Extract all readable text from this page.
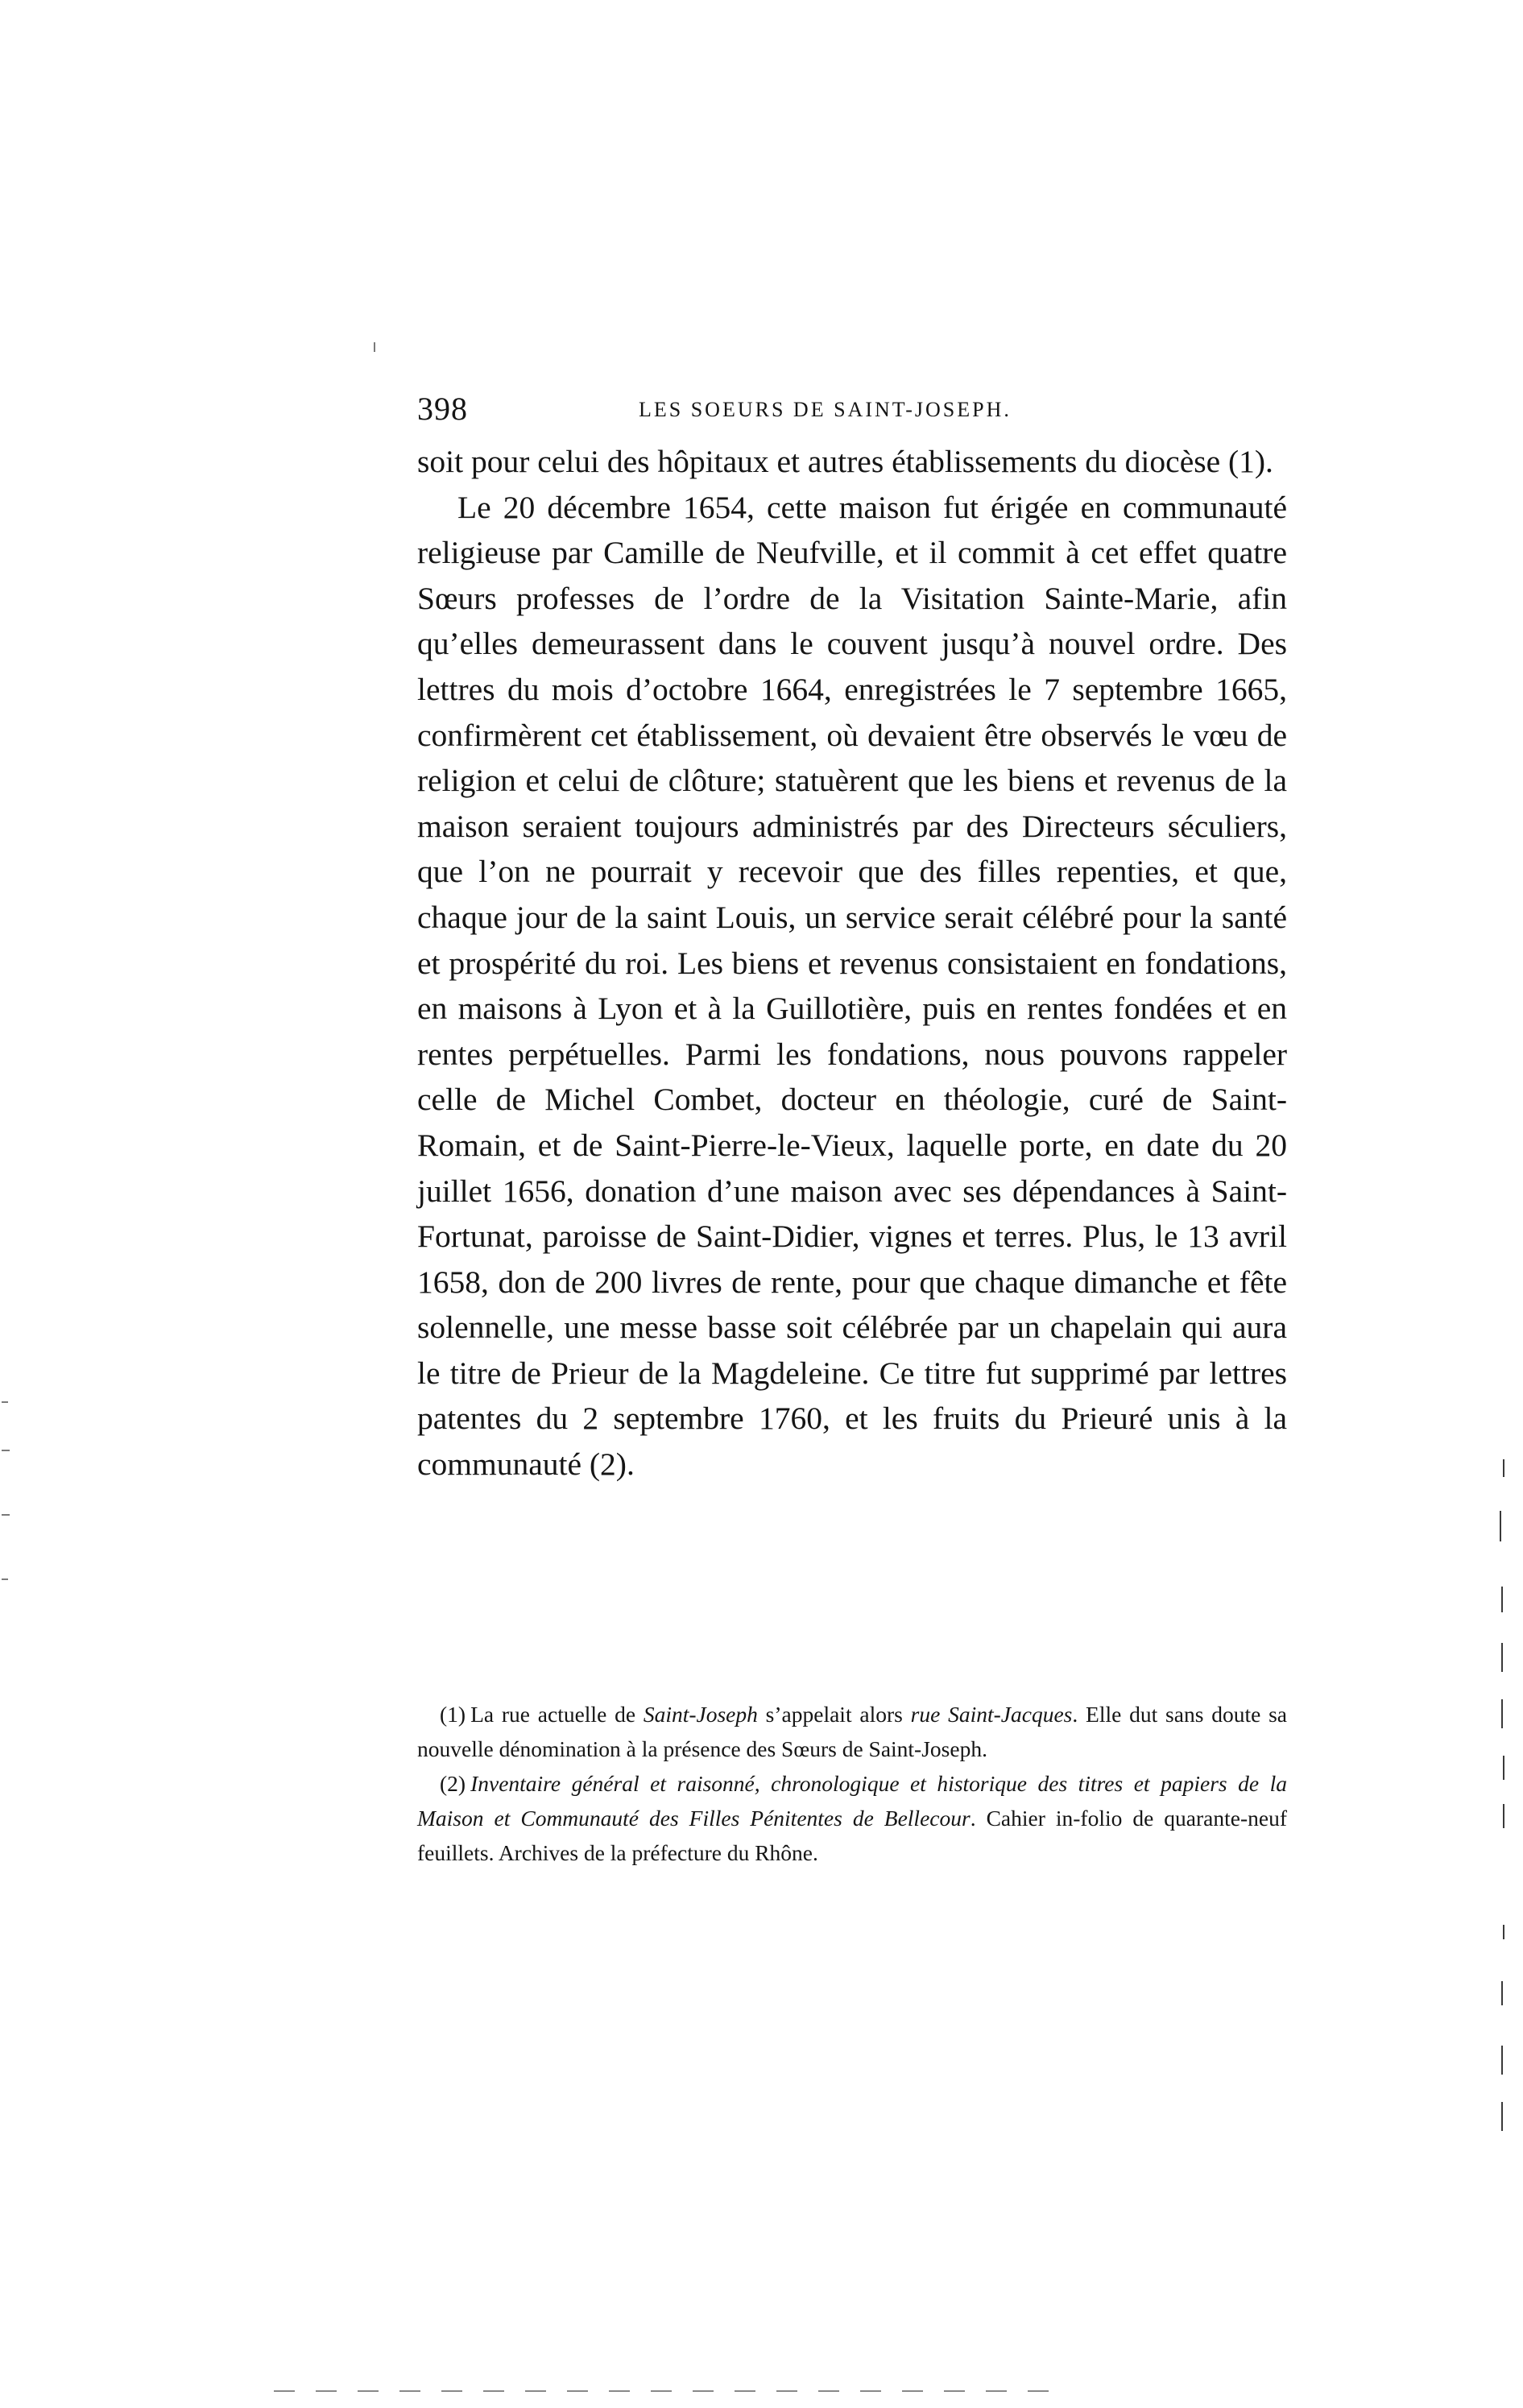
398	LES SOEURS DE SAINT-JOSEPH.

soit pour celui des hôpitaux et autres établissements du diocèse (1).

Le 20 décembre 1654, cette maison fut érigée en communauté religieuse par Camille de Neufville, et il commit à cet effet quatre Sœurs professes de l’ordre de la Visitation Sainte-Marie, afin qu’elles demeurassent dans le couvent jusqu’à nouvel ordre. Des lettres du mois d’octobre 1664, enregistrées le 7 septembre 1665, confirmèrent cet établissement, où devaient être observés le vœu de religion et celui de clôture; statuèrent que les biens et revenus de la maison seraient toujours administrés par des Directeurs séculiers, que l’on ne pourrait y recevoir que des filles repenties, et que, chaque jour de la saint Louis, un service serait célébré pour la santé et prospérité du roi. Les biens et revenus consistaient en fondations, en maisons à Lyon et à la Guillotière, puis en rentes fondées et en rentes perpétuelles. Parmi les fondations, nous pouvons rappeler celle de Michel Combet, docteur en théologie, curé de Saint-Romain, et de Saint-Pierre-le-Vieux, laquelle porte, en date du 20 juillet 1656, donation d’une maison avec ses dépendances à Saint-Fortunat, paroisse de Saint-Didier, vignes et terres. Plus, le 13 avril 1658, don de 200 livres de rente, pour que chaque dimanche et fête solennelle, une messe basse soit célébrée par un chapelain qui aura le titre de Prieur de la Magdeleine. Ce titre fut supprimé par lettres patentes du 2 septembre 1760, et les fruits du Prieuré unis à la communauté (2).

(1) La rue actuelle de Saint-Joseph s’appelait alors rue Saint-Jacques. Elle dut sans doute sa nouvelle dénomination à la présence des Sœurs de Saint-Joseph.

(2) Inventaire général et raisonné, chronologique et historique des titres et papiers de la Maison et Communauté des Filles Pénitentes de Bellecour. Cahier in-folio de quarante-neuf feuillets. Archives de la préfecture du Rhône.
